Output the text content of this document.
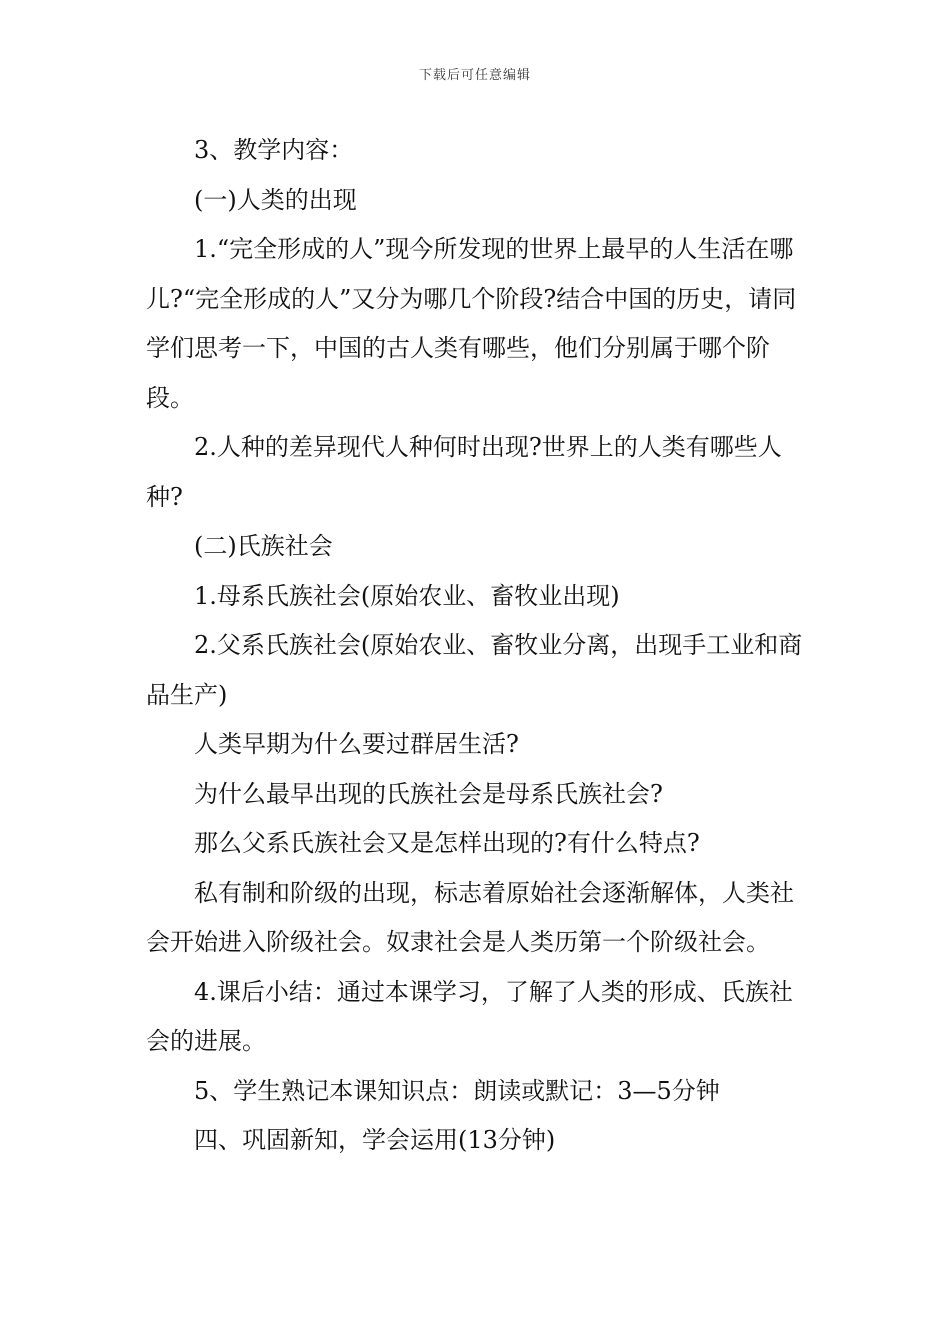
下载后可任意编辑

3、教学内容：

(一)人类的出现

1.“完全形成的人”现今所发现的世界上最早的人生活在哪儿?“完全形成的人”又分为哪几个阶段?结合中国的历史，请同学们思考一下，中国的古人类有哪些，他们分别属于哪个阶段。

2.人种的差异现代人种何时出现?世界上的人类有哪些人种?

(二)氏族社会

1.母系氏族社会(原始农业、畜牧业出现)

2.父系氏族社会(原始农业、畜牧业分离，出现手工业和商品生产)

人类早期为什么要过群居生活?

为什么最早出现的氏族社会是母系氏族社会?

那么父系氏族社会又是怎样出现的?有什么特点?

私有制和阶级的出现，标志着原始社会逐渐解体，人类社会开始进入阶级社会。奴隶社会是人类历第一个阶级社会。

4.课后小结：通过本课学习，了解了人类的形成、氏族社会的进展。

5、学生熟记本课知识点：朗读或默记：3—5分钟

四、巩固新知，学会运用(13分钟)
